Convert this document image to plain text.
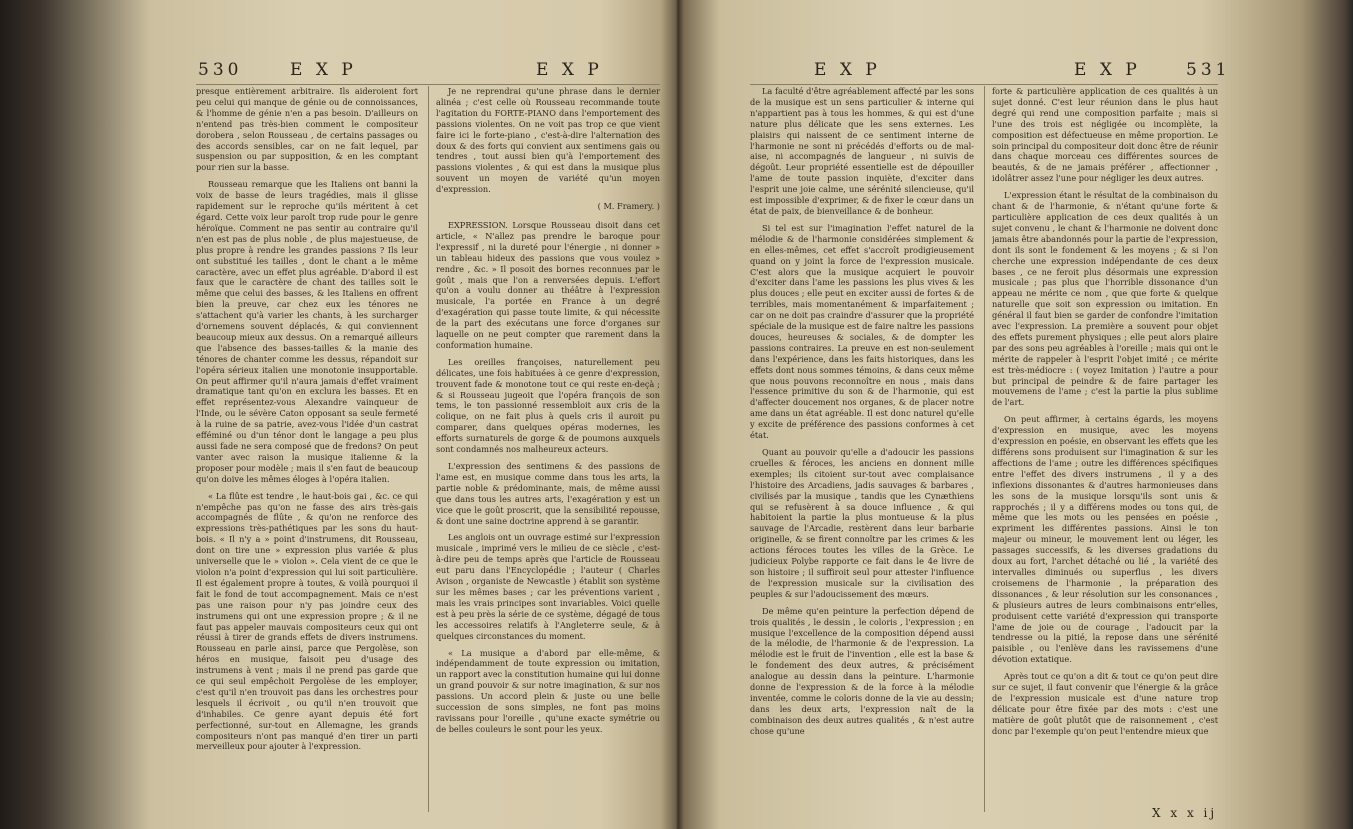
530	E X P	E X P

presque entièrement arbitraire. Ils aideroient fort peu celui qui manque de génie ou de connoissances, & l'homme de génie n'en a pas besoin. D'ailleurs on n'entend pas très-bien comment le compositeur dorobera , selon Rousseau , de certains passages ou des accords sensibles, car on ne fait lequel, par suspension ou par supposition, & en les comptant pour rien sur la basse.

Rousseau remarque que les Italiens ont banni la voix de basse de leurs tragédies, mais il glisse rapidement sur le reproche qu'ils méritent à cet égard. Cette voix leur paroît trop rude pour le genre héroïque. Comment ne pas sentir au contraire qu'il n'en est pas de plus noble , de plus majestueuse, de plus propre à rendre les grandes passions ? Ils leur ont substitué les tailles , dont le chant a le même caractère, avec un effet plus agréable. D'abord il est faux que le caractère de chant des tailles soit le même que celui des basses, & les Italiens en offrent bien la preuve, car chez eux les ténores ne s'attachent qu'à varier les chants, à les surcharger d'ornemens souvent déplacés, & qui conviennent beaucoup mieux aux dessus. On a remarqué ailleurs que l'absence des basses-tailles & la manie des ténores de chanter comme les dessus, répandoit sur l'opéra sérieux italien une monotonie insupportable. On peut affirmer qu'il n'aura jamais d'effet vraiment dramatique tant qu'on en exclura les basses. Et en effet représentez-vous Alexandre vainqueur de l'Inde, ou le sévère Caton opposant sa seule fermeté à la ruine de sa patrie, avez-vous l'idée d'un castrat efféminé ou d'un ténor dont le langage a peu plus aussi fade ne sera composé que de fredons? On peut vanter avec raison la musique italienne & la proposer pour modèle ; mais il s'en faut de beaucoup qu'on doive les mêmes éloges à l'opéra italien.

« La flûte est tendre , le haut-bois gai , &c. ce qui n'empêche pas qu'on ne fasse des airs très-gais accompagnés de flûte , & qu'on ne renforce des expressions très-pathétiques par les sons du haut-bois. « Il n'y a » point d'instrumens, dit Rousseau, dont on tire une » expression plus variée & plus universelle que le » violon ». Cela vient de ce que le violon n'a point d'expression qui lui soit particulière. Il est également propre à toutes, & voilà pourquoi il fait le fond de tout accompagnement. Mais ce n'est pas une raison pour n'y pas joindre ceux des instrumens qui ont une expression propre ; & il ne faut pas appeler mauvais compositeurs ceux qui ont réussi à tirer de grands effets de divers instrumens. Rousseau en parle ainsi, parce que Pergolèse, son héros en musique, faisoit peu d'usage des instrumens à vent ; mais il ne prend pas garde que ce qui seul empêchoit Pergolèse de les employer, c'est qu'il n'en trouvoit pas dans les orchestres pour lesquels il écrivoit , ou qu'il n'en trouvoit que d'inhabiles. Ce genre ayant depuis été fort perfectionné, sur-tout en Allemagne, les grands compositeurs n'ont pas manqué d'en tirer un parti merveilleux pour ajouter à l'expression.

Je ne reprendrai qu'une phrase dans le dernier alinéa ; c'est celle où Rousseau recommande toute l'agitation du FORTE-PIANO dans l'emportement des passions violentes. On ne voit pas trop ce que vient faire ici le forte-piano , c'est-à-dire l'alternation des doux & des forts qui convient aux sentimens gais ou tendres , tout aussi bien qu'à l'emportement des passions violentes , & qui est dans la musique plus souvent un moyen de variété qu'un moyen d'expression.

( M. Framery. )

EXPRESSION. Lorsque Rousseau disoit dans cet article, « N'allez pas prendre le baroque pour l'expressif , ni la dureté pour l'énergie , ni donner » un tableau hideux des passions que vous voulez » rendre , &c. » Il posoit des bornes reconnues par le goût , mais que l'on a renversées depuis. L'effort qu'on a voulu donner au théâtre à l'expression musicale, l'a portée en France à un degré d'exagération qui passe toute limite, & qui nécessite de la part des exécutans une force d'organes sur laquelle on ne peut compter que rarement dans la conformation humaine.

Les oreilles françoises, naturellement peu délicates, une fois habituées à ce genre d'expression, trouvent fade & monotone tout ce qui reste en-deçà ; & si Rousseau jugeoit que l'opéra françois de son tems, le ton passionné ressembloit aux cris de la colique, on ne fait plus à quels cris il auroit pu comparer, dans quelques opéras modernes, les efforts surnaturels de gorge & de poumons auxquels sont condamnés nos malheureux acteurs.

L'expression des sentimens & des passions de l'ame est, en musique comme dans tous les arts, la partie noble & prédominante, mais, de même aussi que dans tous les autres arts, l'exagération y est un vice que le goût proscrit, que la sensibilité repousse, & dont une saine doctrine apprend à se garantir.

Les anglois ont un ouvrage estimé sur l'expression musicale , imprimé vers le milieu de ce siècle , c'est-à-dire peu de temps après que l'article de Rousseau eut paru dans l'Encyclopédie ; l'auteur ( Charles Avison , organiste de Newcastle ) établit son système sur les mêmes bases ; car les préventions varient , mais les vrais principes sont invariables. Voici quelle est à peu près la série de ce système, dégagé de tous les accessoires relatifs à l'Angleterre seule, & à quelques circonstances du moment.

« La musique a d'abord par elle-même, & indépendamment de toute expression ou imitation, un rapport avec la constitution humaine qui lui donne un grand pouvoir & sur notre imagination, & sur nos passions. Un accord plein & juste ou une belle succession de sons simples, ne font pas moins ravissans pour l'oreille , qu'une exacte symétrie ou de belles couleurs le sont pour les yeux.

E X P	E X P	531

La faculté d'être agréablement affecté par les sons de la musique est un sens particulier & interne qui n'appartient pas à tous les hommes, & qui est d'une nature plus délicate que les sens externes. Les plaisirs qui naissent de ce sentiment interne de l'harmonie ne sont ni précédés d'efforts ou de mal-aise, ni accompagnés de langueur , ni suivis de dégoût. Leur propriété essentielle est de dépouiller l'ame de toute passion inquiète, d'exciter dans l'esprit une joie calme, une sérénité silencieuse, qu'il est impossible d'exprimer, & de fixer le cœur dans un état de paix, de bienveillance & de bonheur.

Si tel est sur l'imagination l'effet naturel de la mélodie & de l'harmonie considérées simplement & en elles-mêmes, cet effet s'accroît prodigieusement quand on y joint la force de l'expression musicale. C'est alors que la musique acquiert le pouvoir d'exciter dans l'ame les passions les plus vives & les plus douces ; elle peut en exciter aussi de fortes & de terribles, mais momentanément & imparfaitement ; car on ne doit pas craindre d'assurer que la propriété spéciale de la musique est de faire naître les passions douces, heureuses & sociales, & de dompter les passions contraires. La preuve en est non-seulement dans l'expérience, dans les faits historiques, dans les effets dont nous sommes témoins, & dans ceux même que nous pouvons reconnoître en nous , mais dans l'essence primitive du son & de l'harmonie, qui est d'affecter doucement nos organes, & de placer notre ame dans un état agréable. Il est donc naturel qu'elle y excite de préférence des passions conformes à cet état.

Quant au pouvoir qu'elle a d'adoucir les passions cruelles & féroces, les anciens en donnent mille exemples; ils citoient sur-tout avec complaisance l'histoire des Arcadiens, jadis sauvages & barbares , civilisés par la musique , tandis que les Cynæthiens qui se refusèrent à sa douce influence , & qui habitoient la partie la plus montueuse & la plus sauvage de l'Arcadie, restèrent dans leur barbarie originelle, & se firent connoître par les crimes & les actions féroces toutes les villes de la Grèce. Le judicieux Polybe rapporte ce fait dans le 4e livre de son histoire ; il suffiroit seul pour attester l'influence de l'expression musicale sur la civilisation des peuples & sur l'adoucissement des mœurs.

De même qu'en peinture la perfection dépend de trois qualités , le dessin , le coloris , l'expression ; en musique l'excellence de la composition dépend aussi de la mélodie, de l'harmonie & de l'expression. La mélodie est le fruit de l'invention , elle est la base & le fondement des deux autres, & précisément analogue au dessin dans la peinture. L'harmonie donne de l'expression & de la force à la mélodie inventée, comme le coloris donne de la vie au dessin; dans les deux arts, l'expression naît de la combinaison des deux autres qualités , & n'est autre chose qu'une

forte & particulière application de ces qualités à un sujet donné. C'est leur réunion dans le plus haut degré qui rend une composition parfaite ; mais si l'une des trois est négligée ou incomplète, la composition est défectueuse en même proportion. Le soin principal du compositeur doit donc être de réunir dans chaque morceau ces différentes sources de beautés, & de ne jamais préférer , affectionner , idolâtrer assez l'une pour négliger les deux autres.

L'expression étant le résultat de la combinaison du chant & de l'harmonie, & n'étant qu'une forte & particulière application de ces deux qualités à un sujet convenu , le chant & l'harmonie ne doivent donc jamais être abandonnés pour la partie de l'expression, dont ils sont le fondement & les moyens ; & si l'on cherche une expression indépendante de ces deux bases , ce ne feroit plus désormais une expression musicale ; pas plus que l'horrible dissonance d'un appeau ne mérite ce nom , que que forte & quelque naturelle que soit son expression ou imitation. En général il faut bien se garder de confondre l'imitation avec l'expression. La première a souvent pour objet des effets purement physiques ; elle peut alors plaire par des sons peu agréables à l'oreille ; mais qui ont le mérite de rappeler à l'esprit l'objet imité ; ce mérite est très-médiocre : ( voyez Imitation ) l'autre a pour but principal de peindre & de faire partager les mouvemens de l'ame ; c'est la partie la plus sublime de l'art.

On peut affirmer, à certains égards, les moyens d'expression en musique, avec les moyens d'expression en poésie, en observant les effets que les différens sons produisent sur l'imagination & sur les affections de l'ame ; outre les différences spécifiques entre l'effet des divers instrumens , il y a des inflexions dissonantes & d'autres harmonieuses dans les sons de la musique lorsqu'ils sont unis & rapprochés ; il y a différens modes ou tons qui, de même que les mots ou les pensées en poésie , expriment les différentes passions. Ainsi le ton majeur ou mineur, le mouvement lent ou léger, les passages successifs, & les diverses gradations du doux au fort, l'archet détaché ou lié , la variété des intervalles diminués ou superflus , les divers croisemens de l'harmonie , la préparation des dissonances , & leur résolution sur les consonances , & plusieurs autres de leurs combinaisons entr'elles, produisent cette variété d'expression qui transporte l'ame de joie ou de courage , l'adoucit par la tendresse ou la pitié, la repose dans une sérénité paisible , ou l'enlève dans les ravissemens d'une dévotion extatique.

Après tout ce qu'on a dit & tout ce qu'on peut dire sur ce sujet, il faut convenir que l'énergie & la grâce de l'expression musicale est d'une nature trop délicate pour être fixée par des mots : c'est une matière de goût plutôt que de raisonnement , c'est donc par l'exemple qu'on peut l'entendre mieux que

X x x ij
